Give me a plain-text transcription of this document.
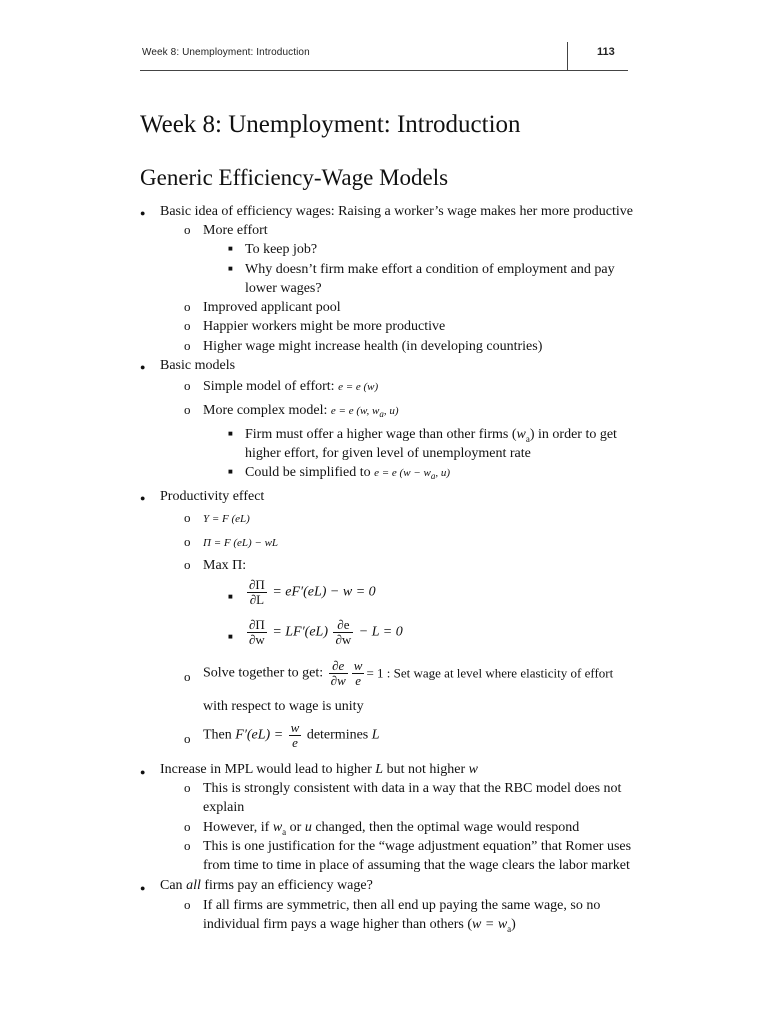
Week 8: Unemployment: Introduction	113
Week 8: Unemployment: Introduction
Generic Efficiency-Wage Models
● Basic idea of efficiency wages: Raising a worker’s wage makes her more productive
o More effort
■ To keep job?
■ Why doesn’t firm make effort a condition of employment and pay
lower wages?
o Improved applicant pool
o Happier workers might be more productive
o Higher wage might increase health (in developing countries)
● Basic models
o Simple model of effort: e = e (w)
o More complex model: e = e (w, $w_a$, u)
■ Firm must offer a higher wage than other firms $(w_a)$ in order to get
higher effort, for given level of unemployment rate
■ Could be simplified to e = e ($w - w_a$, u)
● Productivity effect
o Y = F (eL)
o Π = F (eL) − wL
o Max Π:
■ $\frac{\partial\Pi}{\partial L} = eF'(eL) - w = 0$
■ $\frac{\partial\Pi}{\partial w} = LF'(eL) \frac{\partial e}{\partial w} - L = 0$
o Solve together to get: $\frac{\partial e}{\partial w} \frac{w}{e} = 1$ : Set wage at level where elasticity of effort
with respect to wage is unity
o Then $F'(eL) = \frac{w}{e}$ determines L
● Increase in MPL would lead to higher L but not higher w
o This is strongly consistent with data in a way that the RBC model does not
explain
o However, if $w_a$ or u changed, then the optimal wage would respond
o This is one justification for the “wage adjustment equation” that Romer uses
from time to time in place of assuming that the wage clears the labor market
● Can all firms pay an efficiency wage?
o If all firms are symmetric, then all end up paying the same wage, so no
individual firm pays a wage higher than others $(w = w_a)$
